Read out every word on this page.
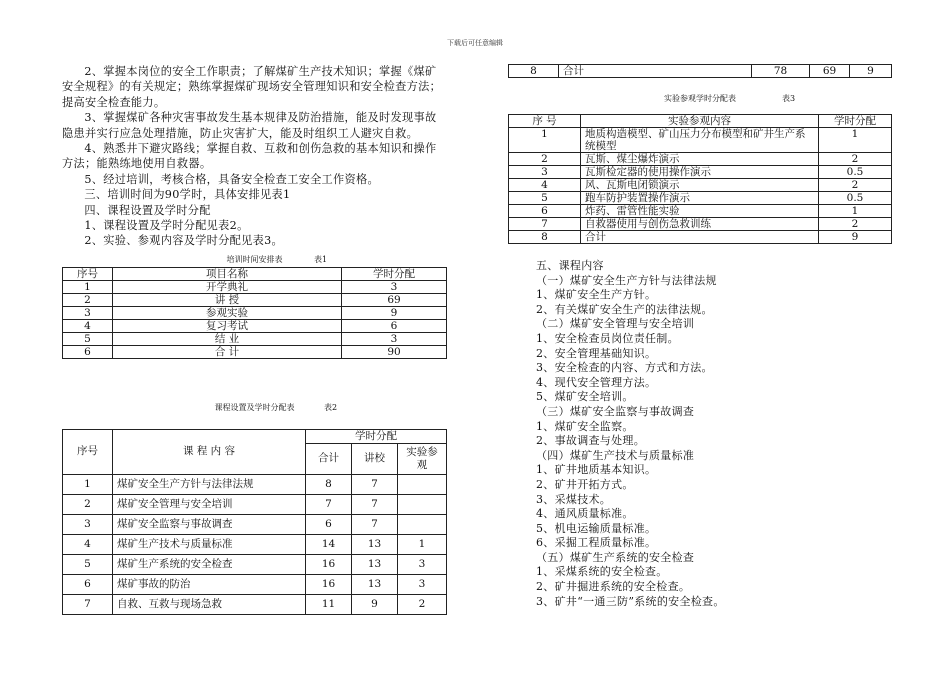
下载后可任意编辑
2、掌握本岗位的安全工作职责；了解煤矿生产技术知识；掌握《煤矿安全规程》的有关规定；熟练掌握煤矿现场安全管理知识和安全检查方法；提高安全检查能力。
3、掌握煤矿各种灾害事故发生基本规律及防治措施，能及时发现事故隐患并实行应急处理措施，防止灾害扩大，能及时组织工人避灾自救。
4、熟悉井下避灾路线；掌握自救、互救和创伤急救的基本知识和操作方法；能熟练地使用自救器。
5、经过培训，考核合格，具备安全检查工安全工作资格。
三、培训时间为90学时，具体安排见表1
四、课程设置及学时分配
1、课程设置及学时分配见表2。
2、实验、参观内容及学时分配见表3。
培训时间安排表	表1
序号	项目名称	学时分配
1	开学典礼	3
2	讲 授	69
3	参观实验	9
4	复习考试	6
5	结 业	3
6	合 计	90
课程设置及学时分配表	表2
序号	课 程 内 容	学时分配		
		合计	讲校	实验参观
1	煤矿安全生产方针与法律法规	8	7	
2	煤矿安全管理与安全培训	7	7	
3	煤矿安全监察与事故调查	6	7	
4	煤矿生产技术与质量标准	14	13	1
5	煤矿生产系统的安全检查	16	13	3
6	煤矿事故的防治	16	13	3
7	自救、互救与现场急救	11	9	2
8	合计	78	69	9
实验参观学时分配表	表3
序 号	实验参观内容	学时分配
1	地质构造模型、矿山压力分布模型和矿井生产系统模型	1
2	瓦斯、煤尘爆炸演示	2
3	瓦斯检定器的使用操作演示	0.5
4	风、瓦斯电闭锁演示	2
5	跑车防护装置操作演示	0.5
6	炸药、雷管性能实验	1
7	自救器使用与创伤急救训练	2
8	合计	9
五、课程内容
（一）煤矿安全生产方针与法律法规
1、煤矿安全生产方针。
2、有关煤矿安全生产的法律法规。
（二）煤矿安全管理与安全培训
1、安全检查员岗位责任制。
2、安全管理基础知识。
3、安全检查的内容、方式和方法。
4、现代安全管理方法。
5、煤矿安全培训。
（三）煤矿安全监察与事故调查
1、煤矿安全监察。
2、事故调查与处理。
（四）煤矿生产技术与质量标准
1、矿井地质基本知识。
2、矿井开拓方式。
3、采煤技术。
4、通风质量标准。
5、机电运输质量标准。
6、采掘工程质量标准。
（五）煤矿生产系统的安全检查
1、采煤系统的安全检查。
2、矿井掘进系统的安全检查。
3、矿井“一通三防”系统的安全检查。
